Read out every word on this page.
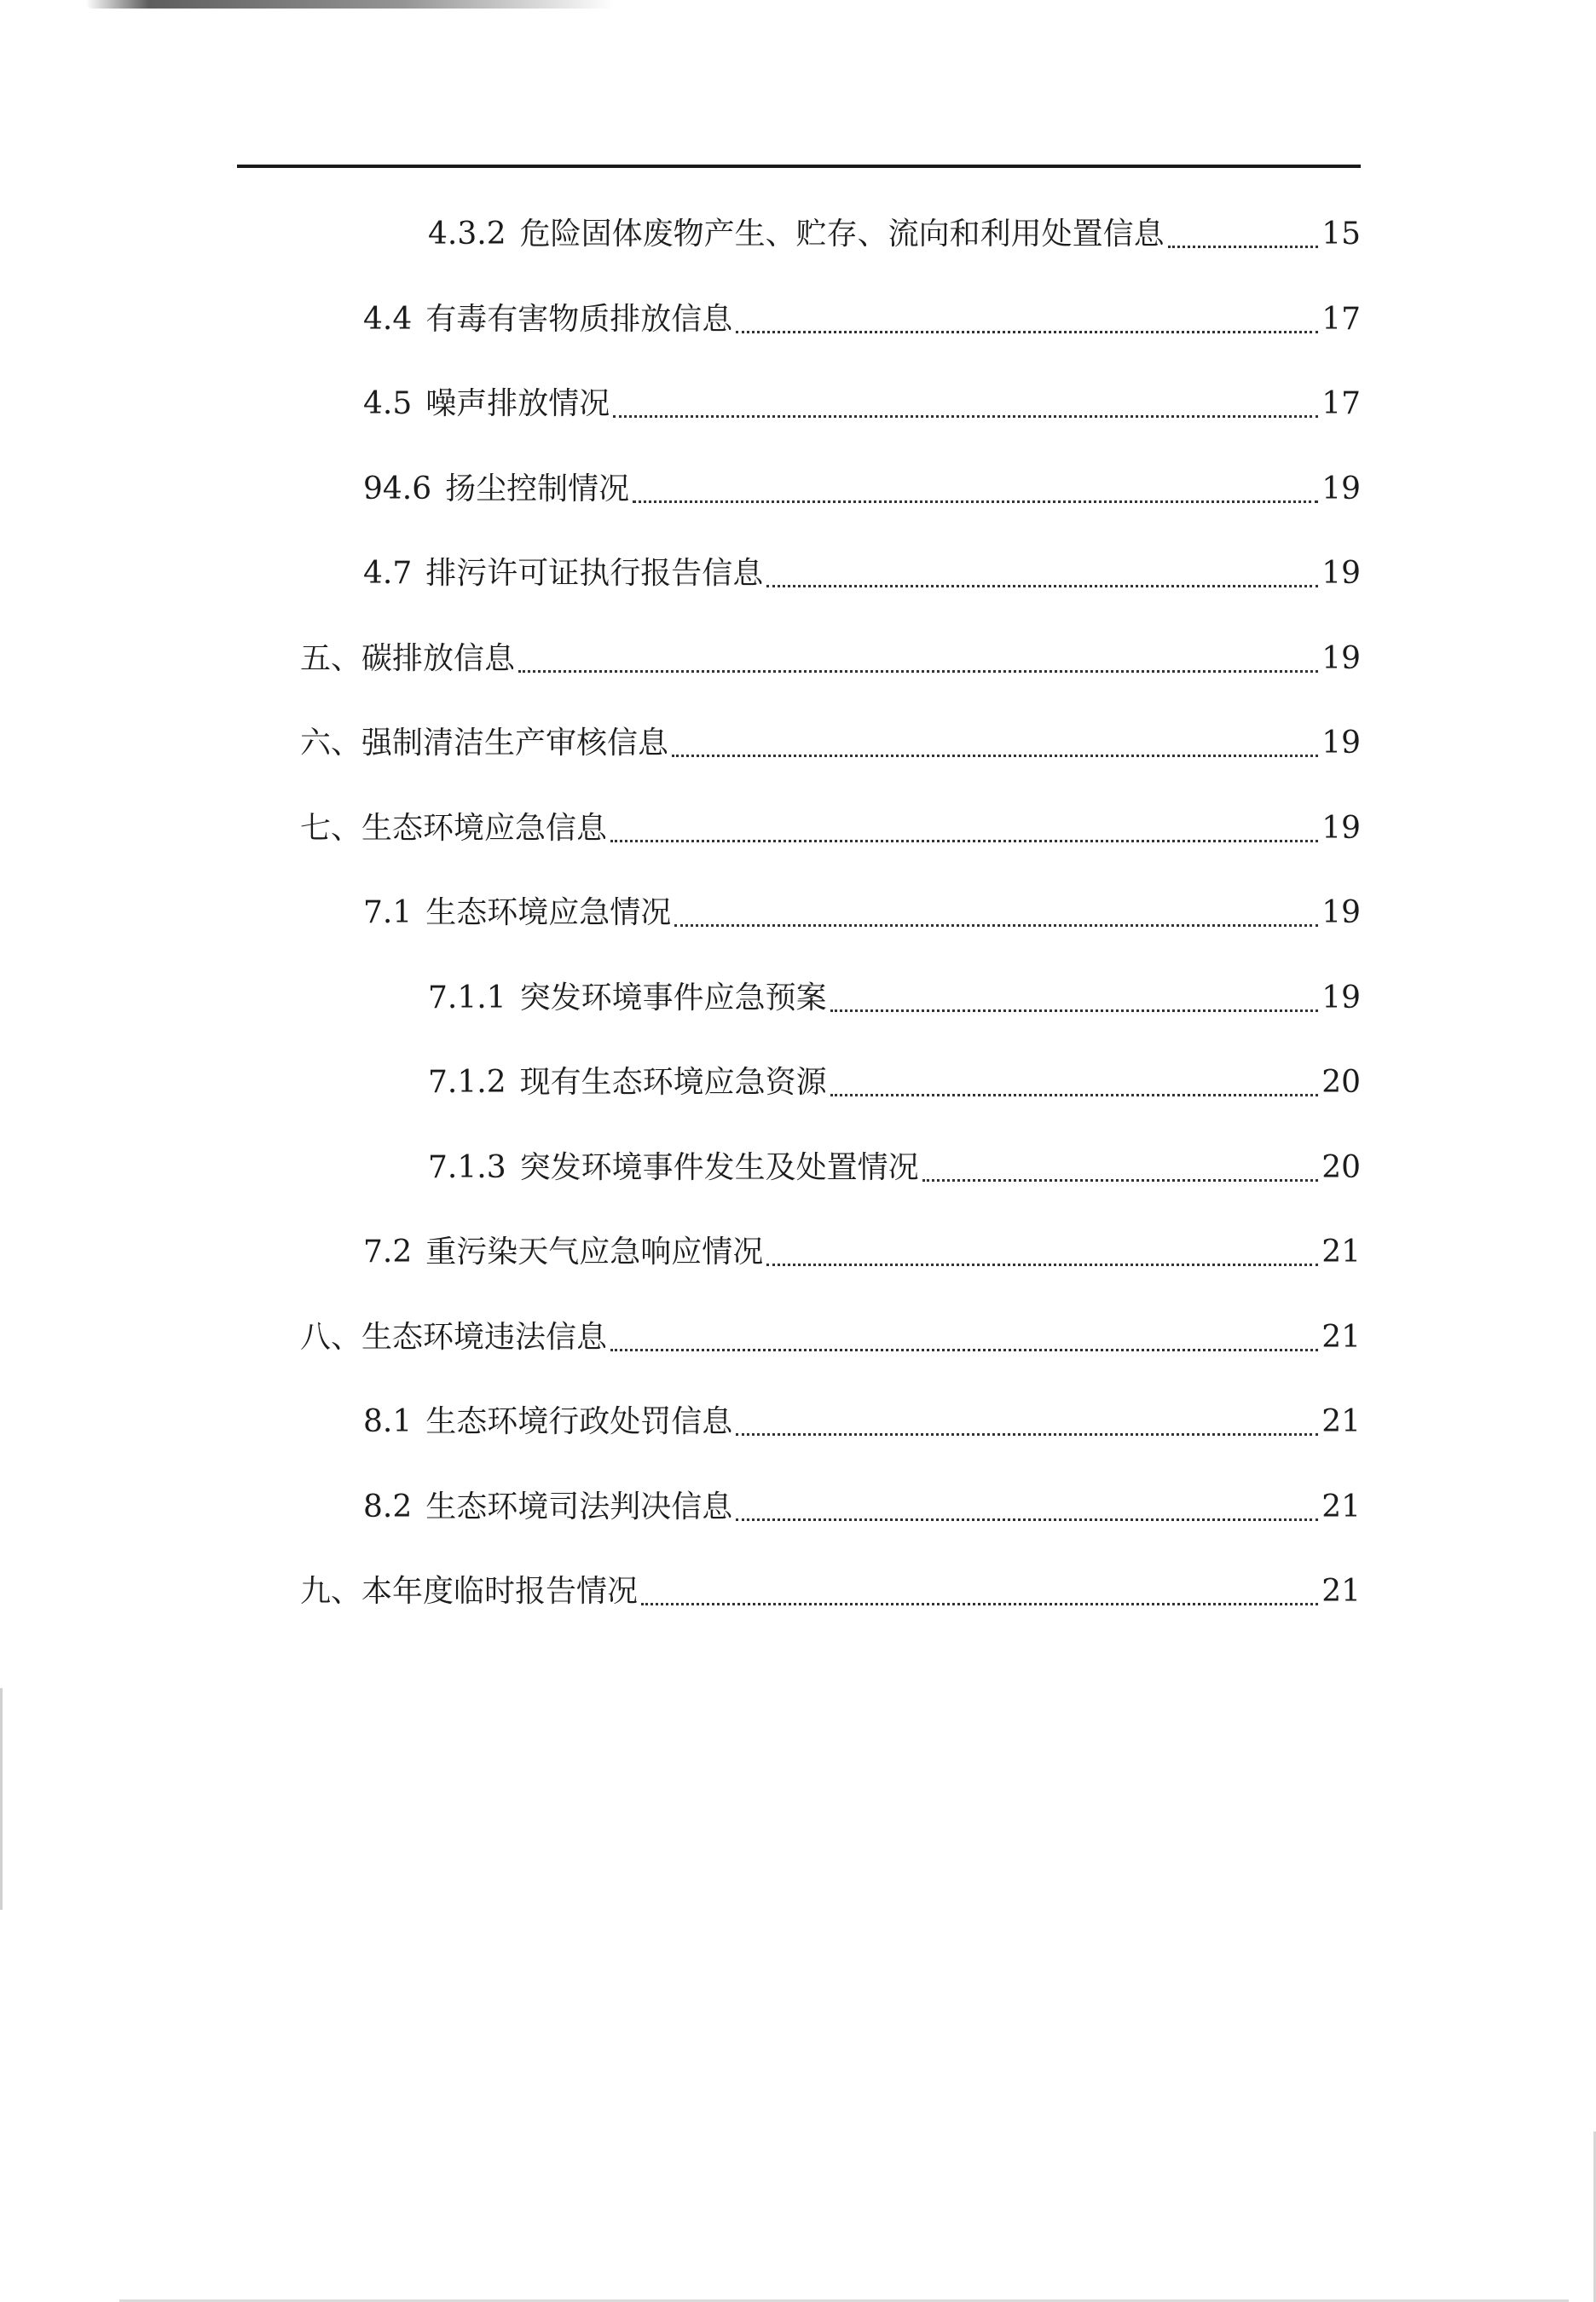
4.3.2 危险固体废物产生、贮存、流向和利用处置信息	15
4.4 有毒有害物质排放信息	17
4.5 噪声排放情况	17
94.6 扬尘控制情况	19
4.7 排污许可证执行报告信息	19
五、碳排放信息	19
六、强制清洁生产审核信息	19
七、生态环境应急信息	19
7.1 生态环境应急情况	19
7.1.1 突发环境事件应急预案	19
7.1.2 现有生态环境应急资源	20
7.1.3 突发环境事件发生及处置情况	20
7.2 重污染天气应急响应情况	21
八、生态环境违法信息	21
8.1 生态环境行政处罚信息	21
8.2 生态环境司法判决信息	21
九、本年度临时报告情况	21
